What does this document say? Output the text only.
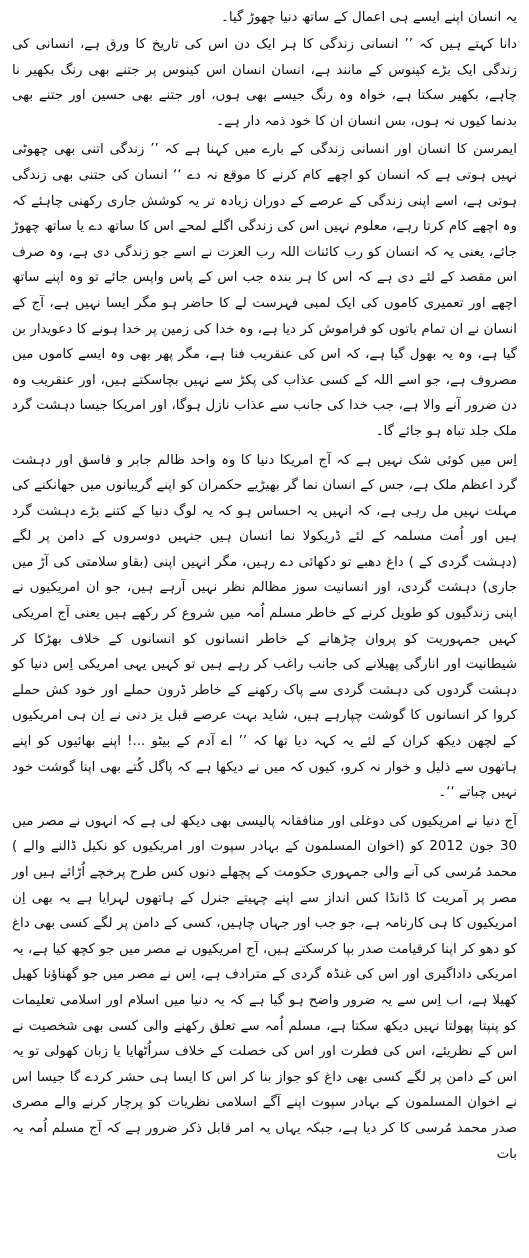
یہ انسان اپنے ایسے ہی اعمال کے ساتھ دنیا چھوڑ گیا۔

دانا کہتے ہیں کہ ’’ انسانی زندگی کا ہر ایک دن اس کی تاریخ کا ورق ہے، انسانی کی زندگی ایک بڑے کینوس کے مانند ہے، انسان انسان اس کینوس پر جتنے بھی رنگ بکھیر نا چاہے، بکھیر سکتا ہے، خواہ وہ رنگ جیسے بھی ہوں، اور جتنے بھی حسین اور جتنے بھی بدنما کیوں نہ ہوں، بس انسان ان کا خود ذمہ دار ہے۔

ایمرسن کا انسان اور انسانی زندگی کے بارے میں کہنا ہے کہ ’’ زندگی اتنی بھی چھوٹی نہیں ہوتی ہے کہ انسان کو اچھے کام کرنے کا موقع نہ دے ‘‘ انسان کی جتنی بھی زندگی ہوتی ہے، اسے اپنی زندگی کے عرصے کے دوران زیادہ تر یہ کوشش جاری رکھنی چاہئے کہ وہ اچھے کام کرتا رہے، معلوم نہیں اس کی زندگی اگلے لمحے اس کا ساتھ دے یا ساتھ چھوڑ جائے، یعنی یہ کہ انسان کو رب کائنات اللہ رب العزت نے اسے جو زندگی دی ہے، وہ صرف اس مقصد کے لئے دی ہے کہ اس کا ہر بندہ جب اس کے پاس واپس جائے تو وہ اپنے ساتھ اچھے اور تعمیری کاموں کی ایک لمبی فہرست لے کا حاضر ہو مگر ایسا نہیں ہے، آج کے انسان نے ان تمام باتوں کو فراموش کر دیا ہے، وہ خدا کی زمین پر خدا ہونے کا دعویدار بن گیا ہے، وہ یہ بھول گیا ہے، کہ اس کی عنقریب فنا ہے، مگر پھر بھی وہ ایسے کاموں میں مصروف ہے، جو اسے اللہ کے کسی عذاب کی پکڑ سے نہیں بچاسکتے ہیں، اور عنقریب وہ دن ضرور آنے والا ہے، جب خدا کی جانب سے عذاب نازل ہوگا، اور امریکا جیسا دہشت گرد ملک جلد تباہ ہو جائے گا۔

اِس میں کوئی شک نہیں ہے کہ آج امریکا دنیا کا وہ واحد ظالم جابر و فاسق اور دہشت گرد اعظم ملک ہے، جس کے انسان نما گر بھیڑیے حکمران کو اپنے گریبانوں میں جھانکنے کی مہلت نہیں مل رہی ہے، کہ انہیں یہ احساس ہو کہ یہ لوگ دنیا کے کتنے بڑے دہشت گرد ہیں اور اُمت مسلمہ کے لئے ڈریکولا نما انسان ہیں جنہیں دوسروں کے دامن پر لگے (دہشت گردی کے ) داغ دھبے تو دکھائی دے رہیں، مگر انہیں اپنی (بقاو سلامتی کی آڑ میں جاری) دہشت گردی، اور انسانیت سوز مظالم نظر نہیں آرہے ہیں، جو ان امریکیوں نے اپنی زندگیوں کو طویل کرنے کے خاطر مسلم اُمہ میں شروع کر رکھے ہیں یعنی آج امریکی کہیں جمہوریت کو پروان چڑھانے کے خاطر انسانوں کو انسانوں کے خلاف بھڑکا کر شیطانیت اور انارگی پھیلانے کی جانب راغب کر رہے ہیں تو کہیں یہی امریکی اِس دنیا کو دہشت گردوں کی دہشت گردی سے پاک رکھنے کے خاطر ڈرون حملے اور خود کش حملے کروا کر انسانوں کا گوشت چپارہے ہیں، شاید بہت عرصے قبل یز دنی نے اِن ہی امریکیوں کے لچھن دیکھ کران کے لئے یہ کہہ دیا تھا کہ ’’ اے آدم کے بیٹو ...! اپنے بھائیوں کو اپنے ہاتھوں سے ذلیل و خوار نہ کرو، کیوں کہ میں نے دیکھا ہے کہ پاگل کُتے بھی اپنا گوشت خود نہیں چباتے ‘‘۔

آج دنیا نے امریکیوں کی دوغلی اور منافقانہ پالیسی بھی دیکھ لی ہے کہ انہوں نے مصر میں 30 جون 2012 کو (اخوان المسلمون کے بہادر سپوت اور امریکیوں کو نکیل ڈالنے والے ) محمد مُرسی کی آنے والی جمہوری حکومت کے پچھلے دنوں کس طرح پرخچے اُڑائے ہیں اور مصر پر آمریت کا ڈانڈا کس انداز سے اپنے چہیتے جنرل کے ہاتھوں لہرایا ہے یہ بھی اِن امریکیوں کا ہی کارنامہ ہے، جو جب اور جہاں چاہیں، کسی کے دامن پر لگے کسی بھی داغ کو دھو کر اپنا کرقیامت صدر بپا کرسکتے ہیں، آج امریکیوں نے مصر میں جو کچھ کیا ہے، یہ امریکی داداگیری اور اس کی غنڈہ گردی کے مترادف ہے، اِس نے مصر میں جو گھناؤنا کھیل کھیلا ہے، اب اِس سے یہ ضرور واضح ہو گیا ہے کہ یہ دنیا میں اسلام اور اسلامی تعلیمات کو پنپتا پھولتا نہیں دیکھ سکتا ہے، مسلم اُمہ سے تعلق رکھنے والی کسی بھی شخصیت نے اس کے نظریئے، اس کی فطرت اور اس کی خصلت کے خلاف سراُٹھایا یا زبان کھولی تو یہ اس کے دامن پر لگے کسی بھی داغ کو جواز بنا کر اس کا ایسا ہی حشر کردے گا جیسا اس نے اخوان المسلمون کے بہادر سپوت اپنے آگے اسلامی نظریات کو پرچار کرنے والے مصری صدر محمد مُرسی کا کر دیا ہے، جبکہ یہاں یہ امر قابل ذکر ضرور ہے کہ آج مسلم اُمہ یہ بات
